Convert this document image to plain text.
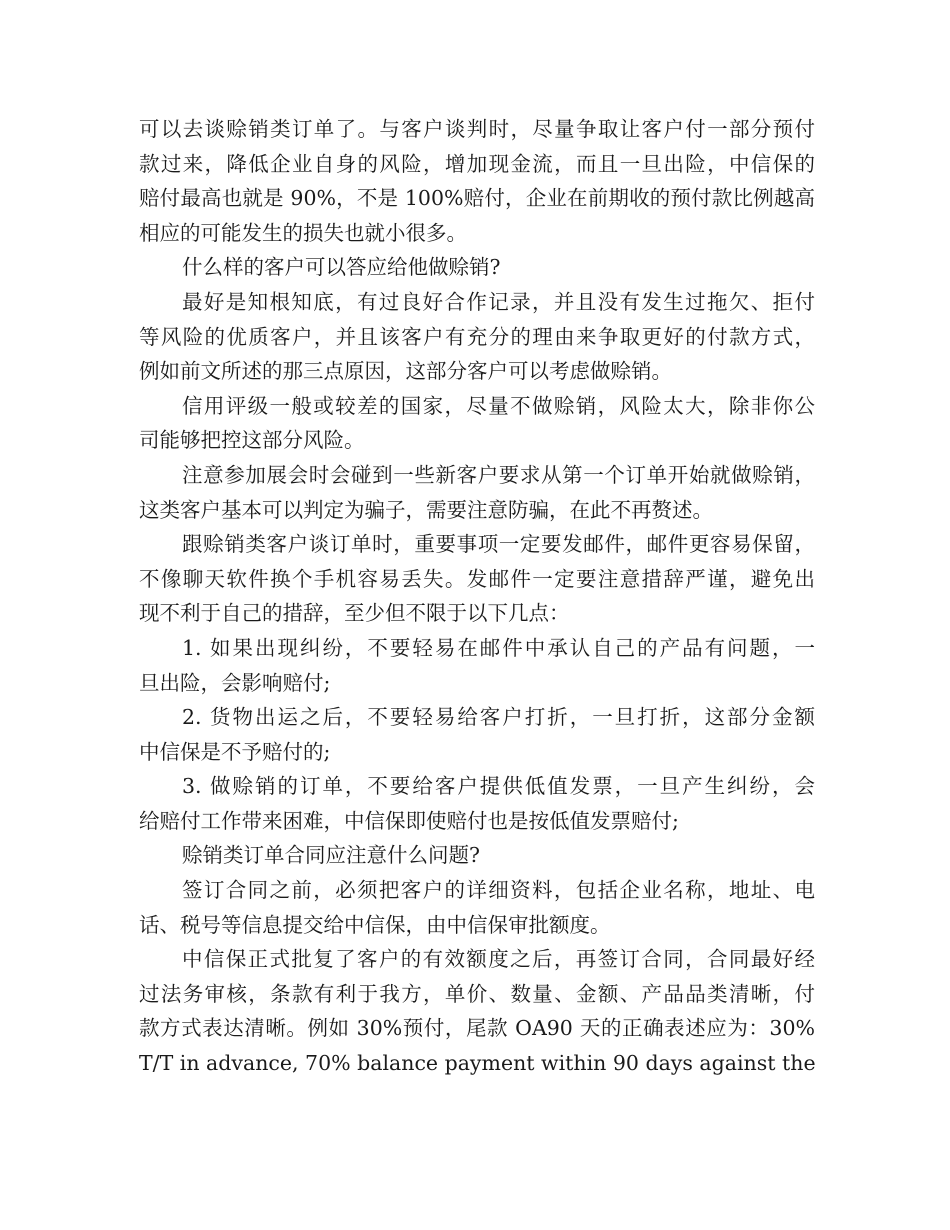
可以去谈赊销类订单了。与客户谈判时，尽量争取让客户付一部分预付
款过来，降低企业自身的风险，增加现金流，而且一旦出险，中信保的
赔付最高也就是 90%，不是 100%赔付，企业在前期收的预付款比例越高
相应的可能发生的损失也就小很多。
什么样的客户可以答应给他做赊销?
最好是知根知底，有过良好合作记录，并且没有发生过拖欠、拒付
等风险的优质客户，并且该客户有充分的理由来争取更好的付款方式，
例如前文所述的那三点原因，这部分客户可以考虑做赊销。
信用评级一般或较差的国家，尽量不做赊销，风险太大，除非你公
司能够把控这部分风险。
注意参加展会时会碰到一些新客户要求从第一个订单开始就做赊销，
这类客户基本可以判定为骗子，需要注意防骗，在此不再赘述。
跟赊销类客户谈订单时，重要事项一定要发邮件，邮件更容易保留，
不像聊天软件换个手机容易丢失。发邮件一定要注意措辞严谨，避免出
现不利于自己的措辞，至少但不限于以下几点：
1. 如果出现纠纷，不要轻易在邮件中承认自己的产品有问题，一
旦出险，会影响赔付;
2. 货物出运之后，不要轻易给客户打折，一旦打折，这部分金额
中信保是不予赔付的;
3. 做赊销的订单，不要给客户提供低值发票，一旦产生纠纷，会
给赔付工作带来困难，中信保即使赔付也是按低值发票赔付;
赊销类订单合同应注意什么问题?
签订合同之前，必须把客户的详细资料，包括企业名称，地址、电
话、税号等信息提交给中信保，由中信保审批额度。
中信保正式批复了客户的有效额度之后，再签订合同，合同最好经
过法务审核，条款有利于我方，单价、数量、金额、产品品类清晰，付
款方式表达清晰。例如 30%预付，尾款 OA90 天的正确表述应为：30%
T/T in advance, 70% balance payment within 90 days against the
